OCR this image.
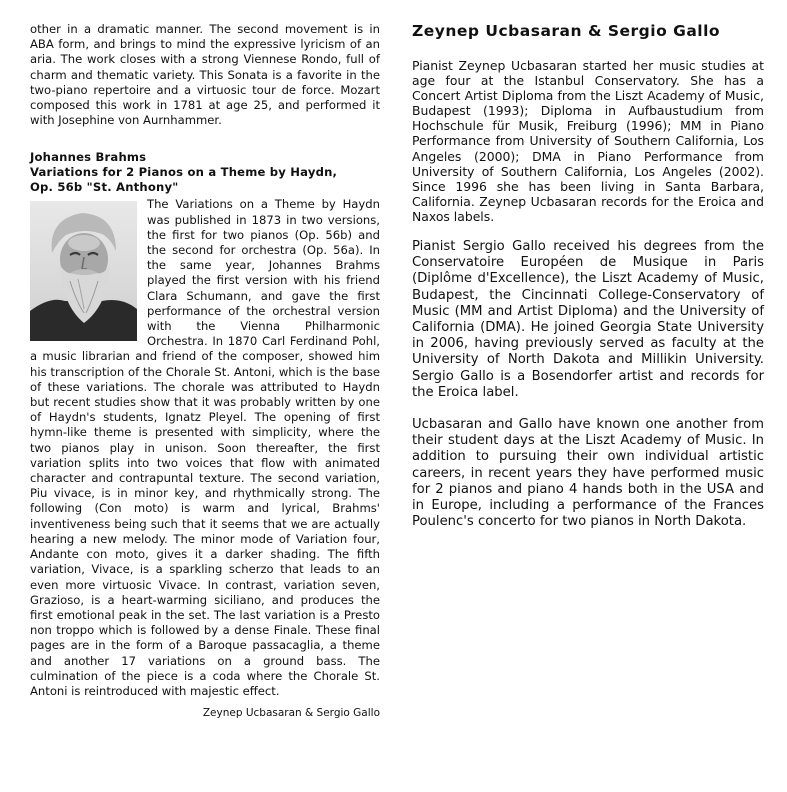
other in a dramatic manner. The second movement is in ABA form, and brings to mind the expressive lyricism of an aria. The work closes with a strong Viennese Rondo, full of charm and thematic variety. This Sonata is a favorite in the two-piano repertoire and a virtuosic tour de force. Mozart composed this work in 1781 at age 25, and performed it with Josephine von Aurnhammer.

Johannes Brahms
Variations for 2 Pianos on a Theme by Haydn,
Op. 56b "St. Anthony"

The Variations on a Theme by Haydn was published in 1873 in two versions, the first for two pianos (Op. 56b) and the second for orchestra (Op. 56a). In the same year, Johannes Brahms played the first version with his friend Clara Schumann, and gave the first performance of the orchestral version with the Vienna Philharmonic Orchestra. In 1870 Carl Ferdinand Pohl, a music librarian and friend of the composer, showed him his transcription of the Chorale St. Antoni, which is the base of these variations. The chorale was attributed to Haydn but recent studies show that it was probably written by one of Haydn's students, Ignatz Pleyel. The opening of first hymn-like theme is presented with simplicity, where the two pianos play in unison. Soon thereafter, the first variation splits into two voices that flow with animated character and contrapuntal texture. The second variation, Piu vivace, is in minor key, and rhythmically strong. The following (Con moto) is warm and lyrical, Brahms' inventiveness being such that it seems that we are actually hearing a new melody. The minor mode of Variation four, Andante con moto, gives it a darker shading. The fifth variation, Vivace, is a sparkling scherzo that leads to an even more virtuosic Vivace. In contrast, variation seven, Grazioso, is a heart-warming siciliano, and produces the first emotional peak in the set. The last variation is a Presto non troppo which is followed by a dense Finale. These final pages are in the form of a Baroque passacaglia, a theme and another 17 variations on a ground bass. The culmination of the piece is a coda where the Chorale St. Antoni is reintroduced with majestic effect.

Zeynep Ucbasaran & Sergio Gallo
Zeynep Ucbasaran & Sergio Gallo

Pianist Zeynep Ucbasaran started her music studies at age four at the Istanbul Conservatory. She has a Concert Artist Diploma from the Liszt Academy of Music, Budapest (1993); Diploma in Aufbaustudium from Hochschule für Musik, Freiburg (1996); MM in Piano Performance from University of Southern California, Los Angeles (2000); DMA in Piano Performance from University of Southern California, Los Angeles (2002). Since 1996 she has been living in Santa Barbara, California. Zeynep Ucbasaran records for the Eroica and Naxos labels.

Pianist Sergio Gallo received his degrees from the Conservatoire Européen de Musique in Paris (Diplôme d'Excellence), the Liszt Academy of Music, Budapest, the Cincinnati College-Conservatory of Music (MM and Artist Diploma) and the University of California (DMA). He joined Georgia State University in 2006, having previously served as faculty at the University of North Dakota and Millikin University. Sergio Gallo is a Bosendorfer artist and records for the Eroica label.

Ucbasaran and Gallo have known one another from their student days at the Liszt Academy of Music. In addition to pursuing their own individual artistic careers, in recent years they have performed music for 2 pianos and piano 4 hands both in the USA and in Europe, including a performance of the Frances Poulenc's concerto for two pianos in North Dakota.
